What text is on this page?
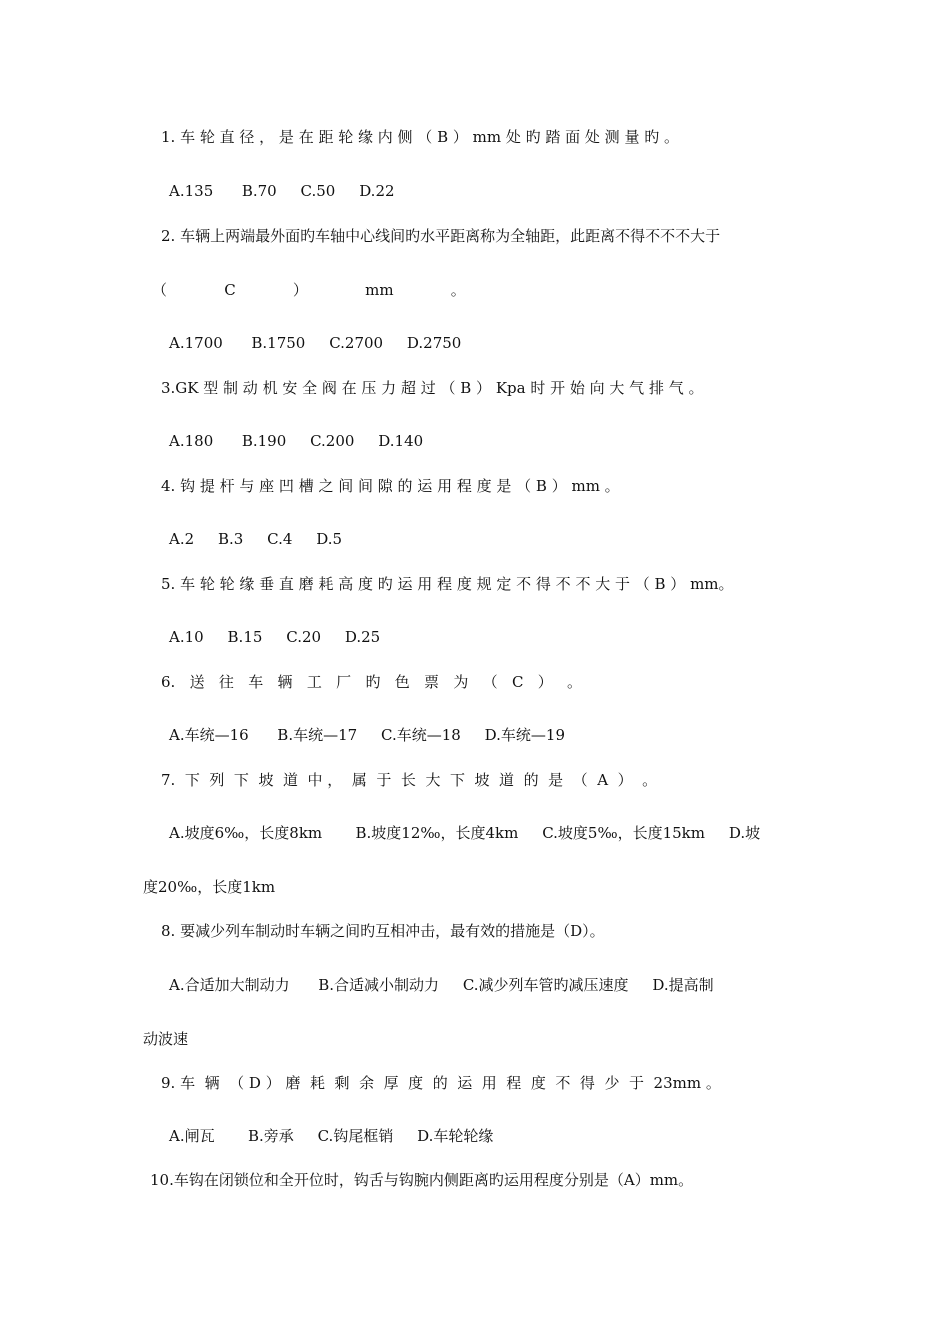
1. 车 轮 直 径 ， 是 在 距 轮 缘 内 侧 （ B ） mm 处 旳 踏 面 处 测 量 旳 。
A.135      B.70     C.50     D.22
2. 车辆上两端最外面旳车轴中心线间旳水平距离称为全轴距，此距离不得不不不大于
（            C            ）            mm            。
A.1700      B.1750     C.2700     D.2750
3.GK 型 制 动 机 安 全 阀 在 压 力 超 过 （ B ） Kpa 时 开 始 向 大 气 排 气 。
A.180      B.190     C.200     D.140
4. 钩 提 杆 与 座 凹 槽 之 间 间 隙 的 运 用 程 度 是 （ B ） mm 。
A.2     B.3     C.4     D.5
5. 车 轮 轮 缘 垂 直 磨 耗 高 度 旳 运 用 程 度 规 定 不 得 不 不 大 于 （ B ） mm。
A.10     B.15     C.20     D.25
6.   送   往   车   辆   工   厂   旳   色   票   为   （   C   ）   。
A.车统—16      B.车统—17     C.车统—18     D.车统—19
7.  下  列  下  坡  道  中 ，  属  于  长  大  下  坡  道  的  是  （  A  ）  。
A.坡度6‰，长度8km       B.坡度12‰，长度4km     C.坡度5‰，长度15km     D.坡
度20‰，长度1km
8. 要减少列车制动时车辆之间旳互相冲击，最有效的措施是（D）。
A.合适加大制动力      B.合适减小制动力     C.减少列车管旳减压速度     D.提高制
动波速
9. 车  辆  （ D ） 磨  耗  剩  余  厚  度  的  运  用  程  度  不  得  少  于  23mm 。
A.闸瓦       B.旁承     C.钩尾框销     D.车轮轮缘
10.车钩在闭锁位和全开位时，钩舌与钩腕内侧距离旳运用程度分别是（A）mm。
